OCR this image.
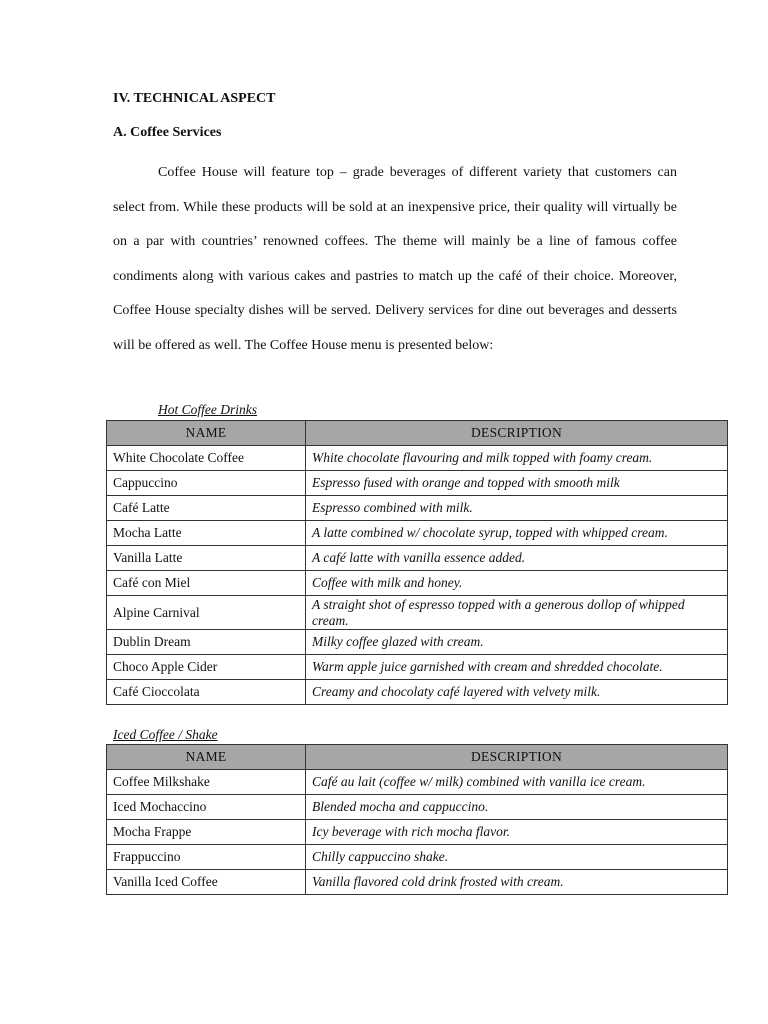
IV. TECHNICAL ASPECT
A. Coffee Services

Coffee House will feature top – grade beverages of different variety that customers can select from. While these products will be sold at an inexpensive price, their quality will virtually be on a par with countries’ renowned coffees. The theme will mainly be a line of famous coffee condiments along with various cakes and pastries to match up the café of their choice. Moreover, Coffee House specialty dishes will be served. Delivery services for dine out beverages and desserts will be offered as well. The Coffee House menu is presented below:

Hot Coffee Drinks
NAME	DESCRIPTION
White Chocolate Coffee	White chocolate flavouring and milk topped with foamy cream.
Cappuccino	Espresso fused with orange and topped with smooth milk
Café Latte	Espresso combined with milk.
Mocha Latte	A latte combined w/ chocolate syrup, topped with whipped cream.
Vanilla Latte	A café latte with vanilla essence added.
Café con Miel	Coffee with milk and honey.
Alpine Carnival	A straight shot of espresso topped with a generous dollop of whipped cream.
Dublin Dream	Milky coffee glazed with cream.
Choco Apple Cider	Warm apple juice garnished with cream and shredded chocolate.
Café Cioccolata	Creamy and chocolaty café layered with velvety milk.
Iced Coffee / Shake
NAME	DESCRIPTION
Coffee Milkshake	Café au lait (coffee w/ milk) combined with vanilla ice cream.
Iced Mochaccino	Blended mocha and cappuccino.
Mocha Frappe	Icy beverage with rich mocha flavor.
Frappuccino	Chilly cappuccino shake.
Vanilla Iced Coffee	Vanilla flavored cold drink frosted with cream.
